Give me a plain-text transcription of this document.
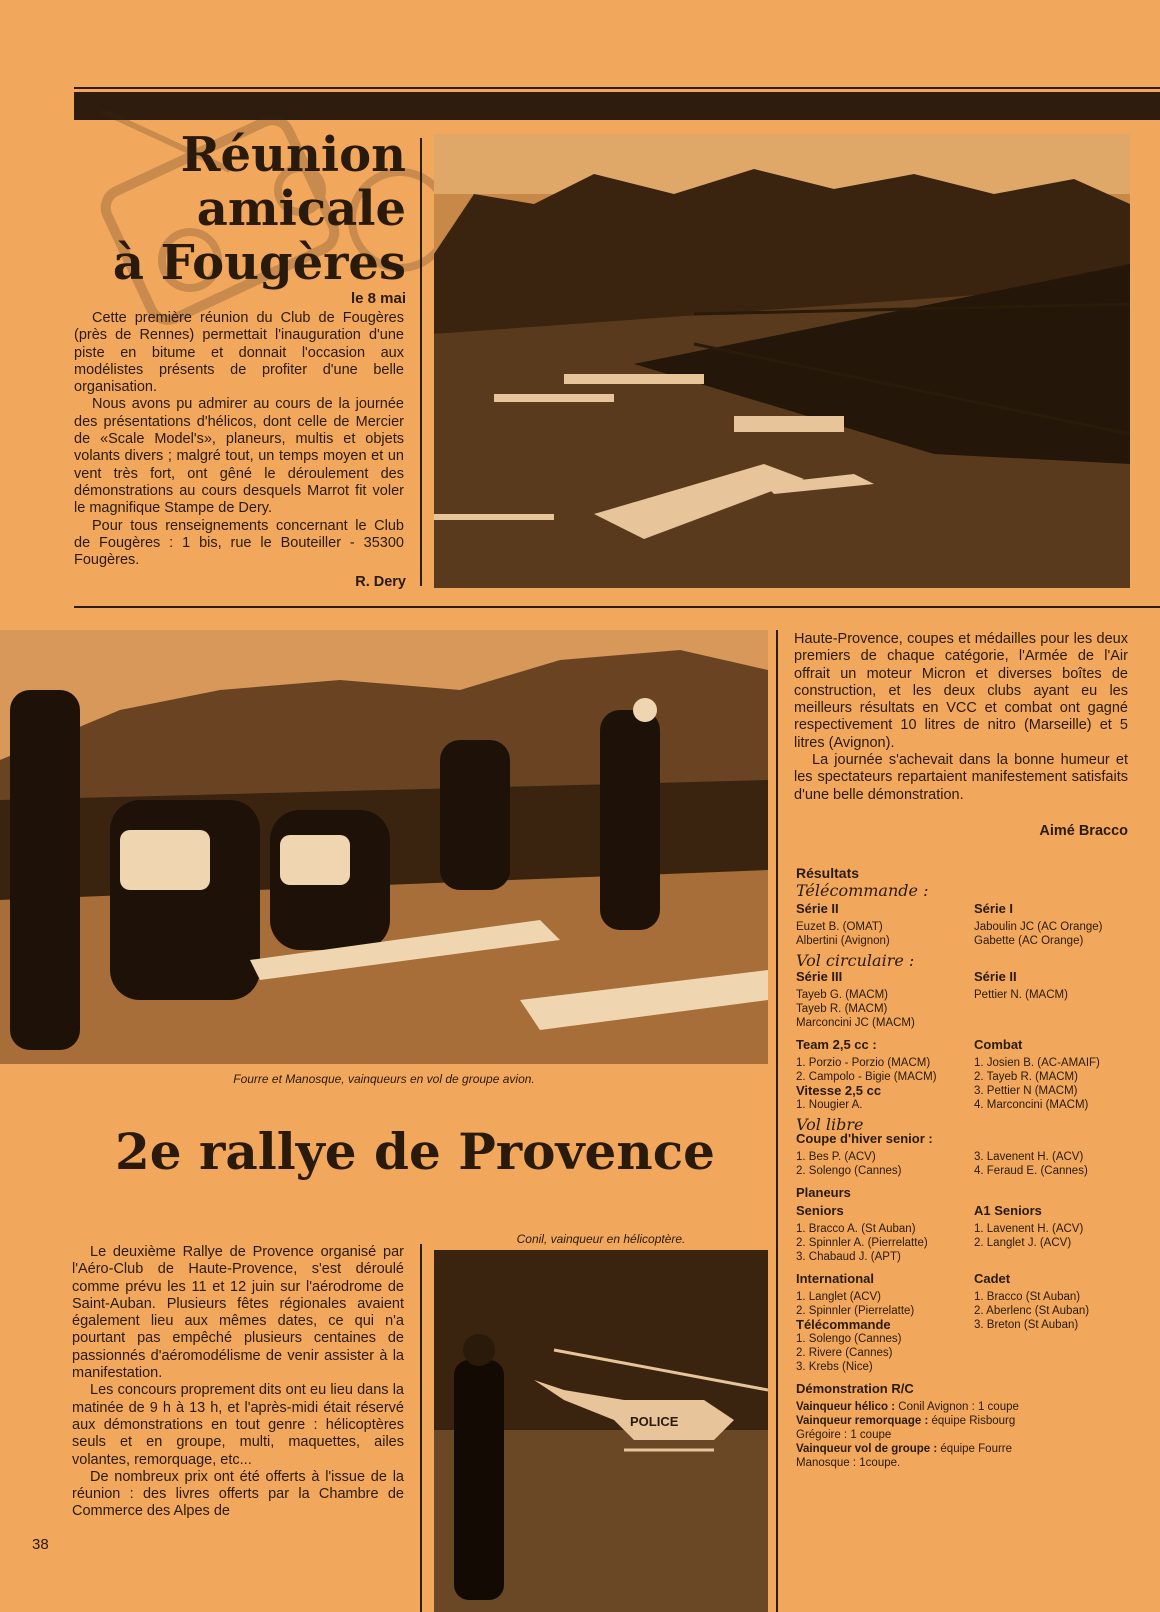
Réunion
amicale
à Fougères
le 8 mai

Cette première réunion du Club de Fougères (près de Rennes) permettait l'inauguration d'une piste en bitume et donnait l'occasion aux modélistes présents de profiter d'une belle organisation.

Nous avons pu admirer au cours de la journée des présentations d'hélicos, dont celle de Mercier de «Scale Model's», planeurs, multis et objets volants divers ; malgré tout, un temps moyen et un vent très fort, ont gêné le déroulement des démonstrations au cours desquels Marrot fit voler le magnifique Stampe de Dery.

Pour tous renseignements concernant le Club de Fougères : 1 bis, rue le Bouteiller - 35300 Fougères.

R. Dery
Fourre et Manosque, vainqueurs en vol de groupe avion.
2e rallye de Provence

Le deuxième Rallye de Provence organisé par l'Aéro-Club de Haute-Provence, s'est déroulé comme prévu les 11 et 12 juin sur l'aérodrome de Saint-Auban. Plusieurs fêtes régionales avaient également lieu aux mêmes dates, ce qui n'a pourtant pas empêché plusieurs centaines de passionnés d'aéromodélisme de venir assister à la manifestation.

Les concours proprement dits ont eu lieu dans la matinée de 9 h à 13 h, et l'après-midi était réservé aux démonstrations en tout genre : hélicoptères seuls et en groupe, multi, maquettes, ailes volantes, remorquage, etc...

De nombreux prix ont été offerts à l'issue de la réunion : des livres offerts par la Chambre de Commerce des Alpes de

Conil, vainqueur en hélicoptère.
POLICE

Haute-Provence, coupes et médailles pour les deux premiers de chaque catégorie, l'Armée de l'Air offrait un moteur Micron et diverses boîtes de construction, et les deux clubs ayant eu les meilleurs résultats en VCC et combat ont gagné respectivement 10 litres de nitro (Marseille) et 5 litres (Avignon).

La journée s'achevait dans la bonne humeur et les spectateurs repartaient manifestement satisfaits d'une belle démonstration.

Aimé Bracco
Résultats
Télécommande :
Série II
Euzet B. (OMAT)
Albertini (Avignon)
Série I
Jaboulin JC (AC Orange)
Gabette (AC Orange)
Vol circulaire :
Série III
Tayeb G. (MACM)
Tayeb R. (MACM)
Marconcini JC (MACM)
Série II
Pettier N. (MACM)
Team 2,5 cc :
1. Porzio - Porzio (MACM)
2. Campolo - Bigie (MACM)
Vitesse 2,5 cc
1. Nougier A.
Combat
1. Josien B. (AC-AMAIF)
2. Tayeb R. (MACM)
3. Pettier N (MACM)
4. Marconcini (MACM)
Vol libre
Coupe d'hiver senior :
1. Bes P. (ACV)
2. Solengo (Cannes)
3. Lavenent H. (ACV)
4. Feraud E. (Cannes)
Planeurs
Seniors
1. Bracco A. (St Auban)
2. Spinnler A. (Pierrelatte)
3. Chabaud J. (APT)
A1 Seniors
1. Lavenent H. (ACV)
2. Langlet J. (ACV)
International
1. Langlet (ACV)
2. Spinnler (Pierrelatte)
Télécommande
1. Solengo (Cannes)
2. Rivere (Cannes)
3. Krebs (Nice)
Cadet
1. Bracco (St Auban)
2. Aberlenc (St Auban)
3. Breton (St Auban)
Démonstration R/C
Vainqueur hélico : Conil Avignon : 1 coupe
Vainqueur remorquage : équipe Risbourg
Grégoire : 1 coupe
Vainqueur vol de groupe : équipe Fourre
Manosque : 1coupe.
38
